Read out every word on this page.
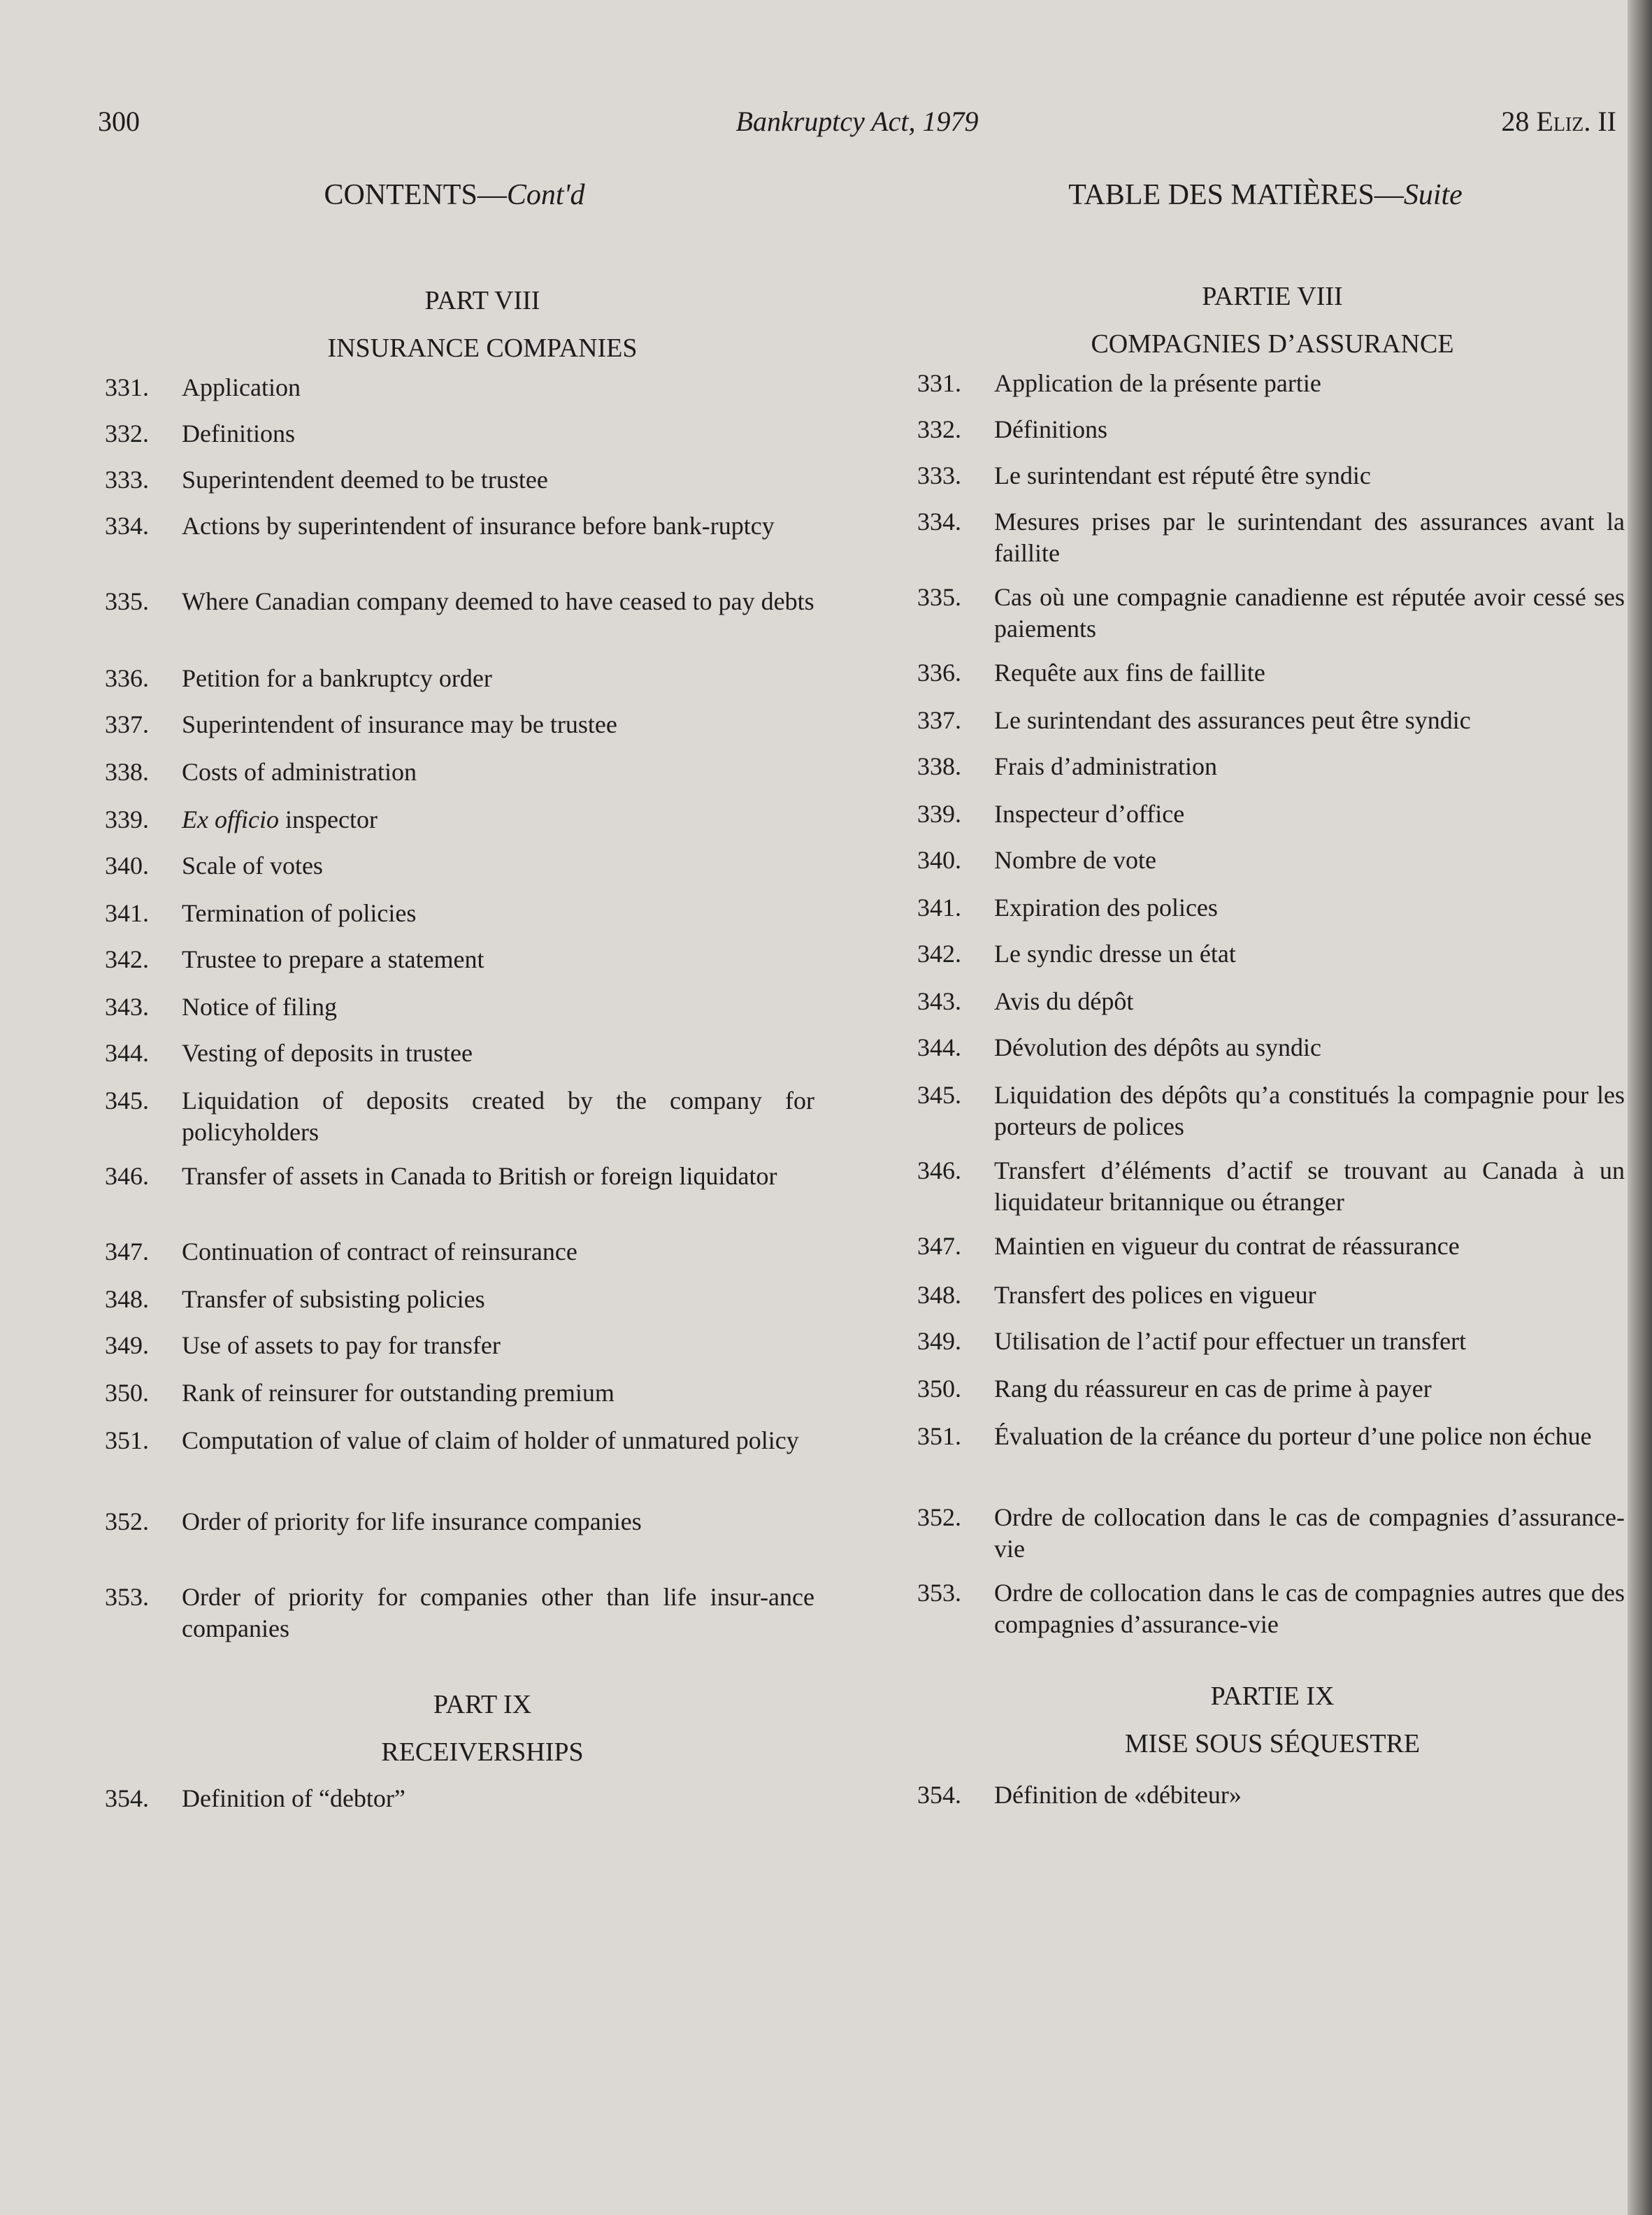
300	Bankruptcy Act, 1979	28 Eliz. II
CONTENTS—Cont'd
PART VIII
INSURANCE COMPANIES
331.	Application
332.	Definitions
333.	Superintendent deemed to be trustee
334.	Actions by superintendent of insurance before bank-ruptcy
335.	Where Canadian company deemed to have ceased to pay debts
336.	Petition for a bankruptcy order
337.	Superintendent of insurance may be trustee
338.	Costs of administration
339.	Ex officio inspector
340.	Scale of votes
341.	Termination of policies
342.	Trustee to prepare a statement
343.	Notice of filing
344.	Vesting of deposits in trustee
345.	Liquidation of deposits created by the company for policyholders
346.	Transfer of assets in Canada to British or foreign liquidator
347.	Continuation of contract of reinsurance
348.	Transfer of subsisting policies
349.	Use of assets to pay for transfer
350.	Rank of reinsurer for outstanding premium
351.	Computation of value of claim of holder of unmatured policy
352.	Order of priority for life insurance companies
353.	Order of priority for companies other than life insur-ance companies
PART IX
RECEIVERSHIPS
354.	Definition of “debtor”
TABLE DES MATIÈRES—Suite
PARTIE VIII
COMPAGNIES D’ASSURANCE
331.	Application de la présente partie
332.	Définitions
333.	Le surintendant est réputé être syndic
334.	Mesures prises par le surintendant des assurances avant la faillite
335.	Cas où une compagnie canadienne est réputée avoir cessé ses paiements
336.	Requête aux fins de faillite
337.	Le surintendant des assurances peut être syndic
338.	Frais d’administration
339.	Inspecteur d’office
340.	Nombre de vote
341.	Expiration des polices
342.	Le syndic dresse un état
343.	Avis du dépôt
344.	Dévolution des dépôts au syndic
345.	Liquidation des dépôts qu’a constitués la compagnie pour les porteurs de polices
346.	Transfert d’éléments d’actif se trouvant au Canada à un liquidateur britannique ou étranger
347.	Maintien en vigueur du contrat de réassurance
348.	Transfert des polices en vigueur
349.	Utilisation de l’actif pour effectuer un transfert
350.	Rang du réassureur en cas de prime à payer
351.	Évaluation de la créance du porteur d’une police non échue
352.	Ordre de collocation dans le cas de compagnies d’assurance-vie
353.	Ordre de collocation dans le cas de compagnies autres que des compagnies d’assurance-vie
PARTIE IX
MISE SOUS SÉQUESTRE
354.	Définition de «débiteur»
